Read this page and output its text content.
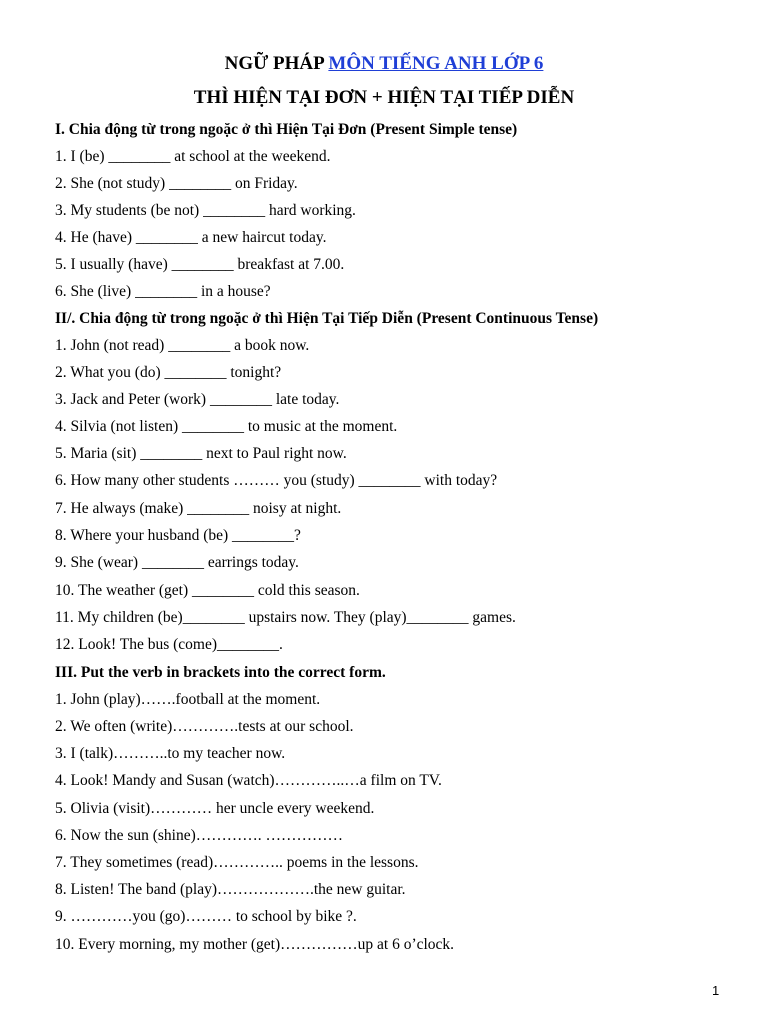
NGỮ PHÁP MÔN TIẾNG ANH LỚP 6
THÌ HIỆN TẠI ĐƠN + HIỆN TẠI TIẾP DIỄN
I. Chia động từ trong ngoặc ở thì Hiện Tại Đơn (Present Simple tense)
1. I (be) ________ at school at the weekend.
2. She (not study) ________ on Friday.
3. My students (be not) ________ hard working.
4. He (have) ________ a new haircut today.
5. I usually (have) ________ breakfast at 7.00.
6. She (live) ________ in a house?
II/. Chia động từ trong ngoặc ở thì Hiện Tại Tiếp Diễn (Present Continuous Tense)
1. John (not read) ________ a book now.
2. What you (do) ________ tonight?
3. Jack and Peter (work) ________ late today.
4. Silvia (not listen) ________ to music at the moment.
5. Maria (sit) ________ next to Paul right now.
6. How many other students ……… you (study) ________ with today?
7. He always (make) ________ noisy at night.
8. Where your husband (be) ________?
9. She (wear) ________ earrings today.
10. The weather (get) ________ cold this season.
11. My children (be)________ upstairs now. They (play)________ games.
12. Look! The bus (come)________.
III. Put the verb in brackets into the correct form.
1. John (play)…….football at the moment.
2. We often (write)………….tests at our school.
3. I (talk)………..to my teacher now.
4. Look! Mandy and Susan (watch)…………..…a film on TV.
5. Olivia (visit)………… her uncle every weekend.
6. Now the sun (shine)…………. ……………
7. They sometimes (read)………….. poems in the lessons.
8. Listen! The band (play)……………….the new guitar.
9. …………you (go)……… to school by bike ?.
10. Every morning, my mother (get)……………up at 6 o’clock.
1
